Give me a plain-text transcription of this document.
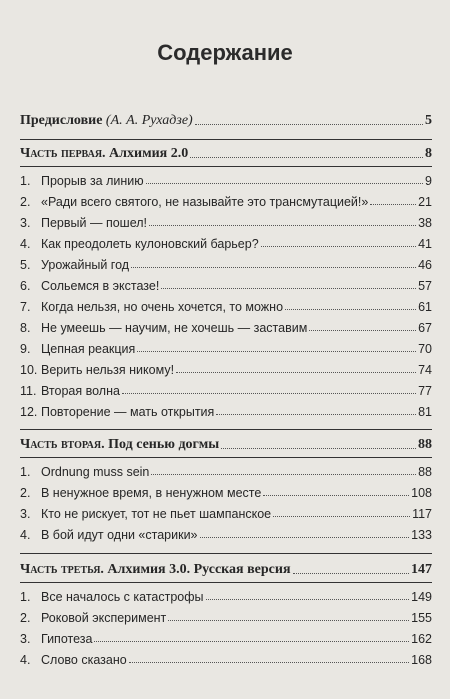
Содержание
Предисловие (А. А. Рухадзе)	5
Часть первая. Алхимия 2.0	8
1. Прорыв за линию	9
2. «Ради всего святого, не называйте это трансмутацией!»	21
3. Первый — пошел!	38
4. Как преодолеть кулоновский барьер?	41
5. Урожайный год	46
6. Сольемся в экстазе!	57
7. Когда нельзя, но очень хочется, то можно	61
8. Не умеешь — научим, не хочешь — заставим	67
9. Цепная реакция	70
10. Верить нельзя никому!	74
11. Вторая волна	77
12. Повторение — мать открытия	81
Часть вторая. Под сенью догмы	88
1. Ordnung muss sein	88
2. В ненужное время, в ненужном месте	108
3. Кто не рискует, тот не пьет шампанское	117
4. В бой идут одни «старики»	133
Часть третья. Алхимия 3.0. Русская версия	147
1. Все началось с катастрофы	149
2. Роковой эксперимент	155
3. Гипотеза	162
4. Слово сказано	168
